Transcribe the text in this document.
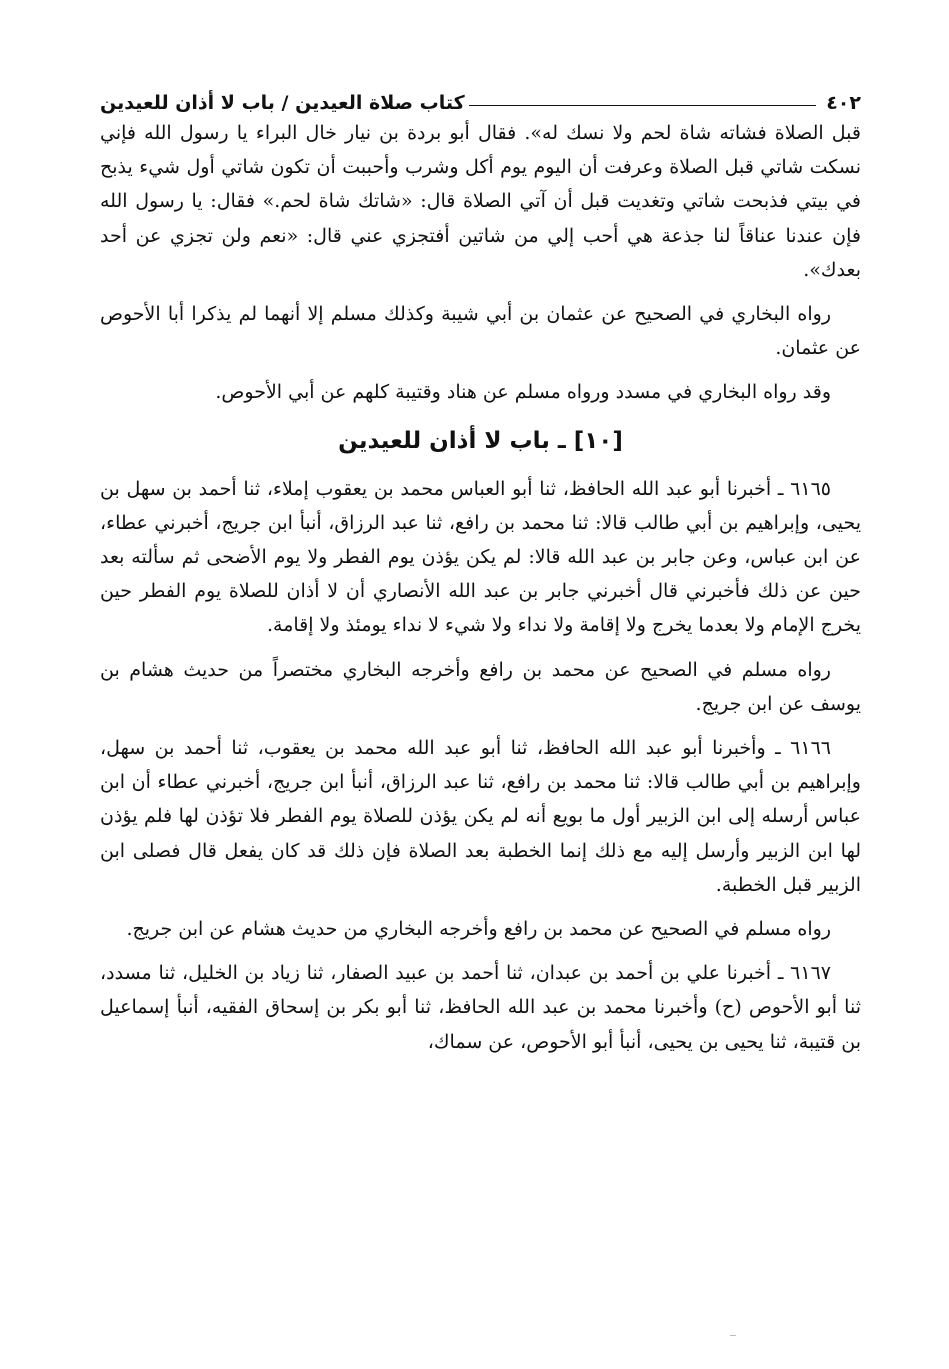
٤٠٢
كتاب صلاة العيدين / باب لا أذان للعيدين

قبل الصلاة فشاته شاة لحم ولا نسك له». فقال أبو بردة بن نيار خال البراء يا رسول الله فإني نسكت شاتي قبل الصلاة وعرفت أن اليوم يوم أكل وشرب وأحببت أن تكون شاتي أول شيء يذبح في بيتي فذبحت شاتي وتغديت قبل أن آتي الصلاة قال: «شاتك شاة لحم.» فقال: يا رسول الله فإن عندنا عناقاً لنا جذعة هي أحب إلي من شاتين أفتجزي عني قال: «نعم ولن تجزي عن أحد بعدك».

رواه البخاري في الصحيح عن عثمان بن أبي شيبة وكذلك مسلم إلا أنهما لم يذكرا أبا الأحوص عن عثمان.

وقد رواه البخاري في مسدد ورواه مسلم عن هناد وقتيبة كلهم عن أبي الأحوص.

[١٠] ـ باب لا أذان للعيدين

٦١٦٥ ـ أخبرنا أبو عبد الله الحافظ، ثنا أبو العباس محمد بن يعقوب إملاء، ثنا أحمد بن سهل بن يحيى، وإبراهيم بن أبي طالب قالا: ثنا محمد بن رافع، ثنا عبد الرزاق، أنبأ ابن جريج، أخبرني عطاء، عن ابن عباس، وعن جابر بن عبد الله قالا: لم يكن يؤذن يوم الفطر ولا يوم الأضحى ثم سألته بعد حين عن ذلك فأخبرني قال أخبرني جابر بن عبد الله الأنصاري أن لا أذان للصلاة يوم الفطر حين يخرج الإمام ولا بعدما يخرج ولا إقامة ولا نداء ولا شيء لا نداء يومئذ ولا إقامة.

رواه مسلم في الصحيح عن محمد بن رافع وأخرجه البخاري مختصراً من حديث هشام بن يوسف عن ابن جريج.

٦١٦٦ ـ وأخبرنا أبو عبد الله الحافظ، ثنا أبو عبد الله محمد بن يعقوب، ثنا أحمد بن سهل، وإبراهيم بن أبي طالب قالا: ثنا محمد بن رافع، ثنا عبد الرزاق، أنبأ ابن جريج، أخبرني عطاء أن ابن عباس أرسله إلى ابن الزبير أول ما بويع أنه لم يكن يؤذن للصلاة يوم الفطر فلا تؤذن لها فلم يؤذن لها ابن الزبير وأرسل إليه مع ذلك إنما الخطبة بعد الصلاة فإن ذلك قد كان يفعل قال فصلى ابن الزبير قبل الخطبة.

رواه مسلم في الصحيح عن محمد بن رافع وأخرجه البخاري من حديث هشام عن ابن جريج.

٦١٦٧ ـ أخبرنا علي بن أحمد بن عبدان، ثنا أحمد بن عبيد الصفار، ثنا زياد بن الخليل، ثنا مسدد، ثنا أبو الأحوص (ح) وأخبرنا محمد بن عبد الله الحافظ، ثنا أبو بكر بن إسحاق الفقيه، أنبأ إسماعيل بن قتيبة، ثنا يحيى بن يحيى، أنبأ أبو الأحوص، عن سماك،
